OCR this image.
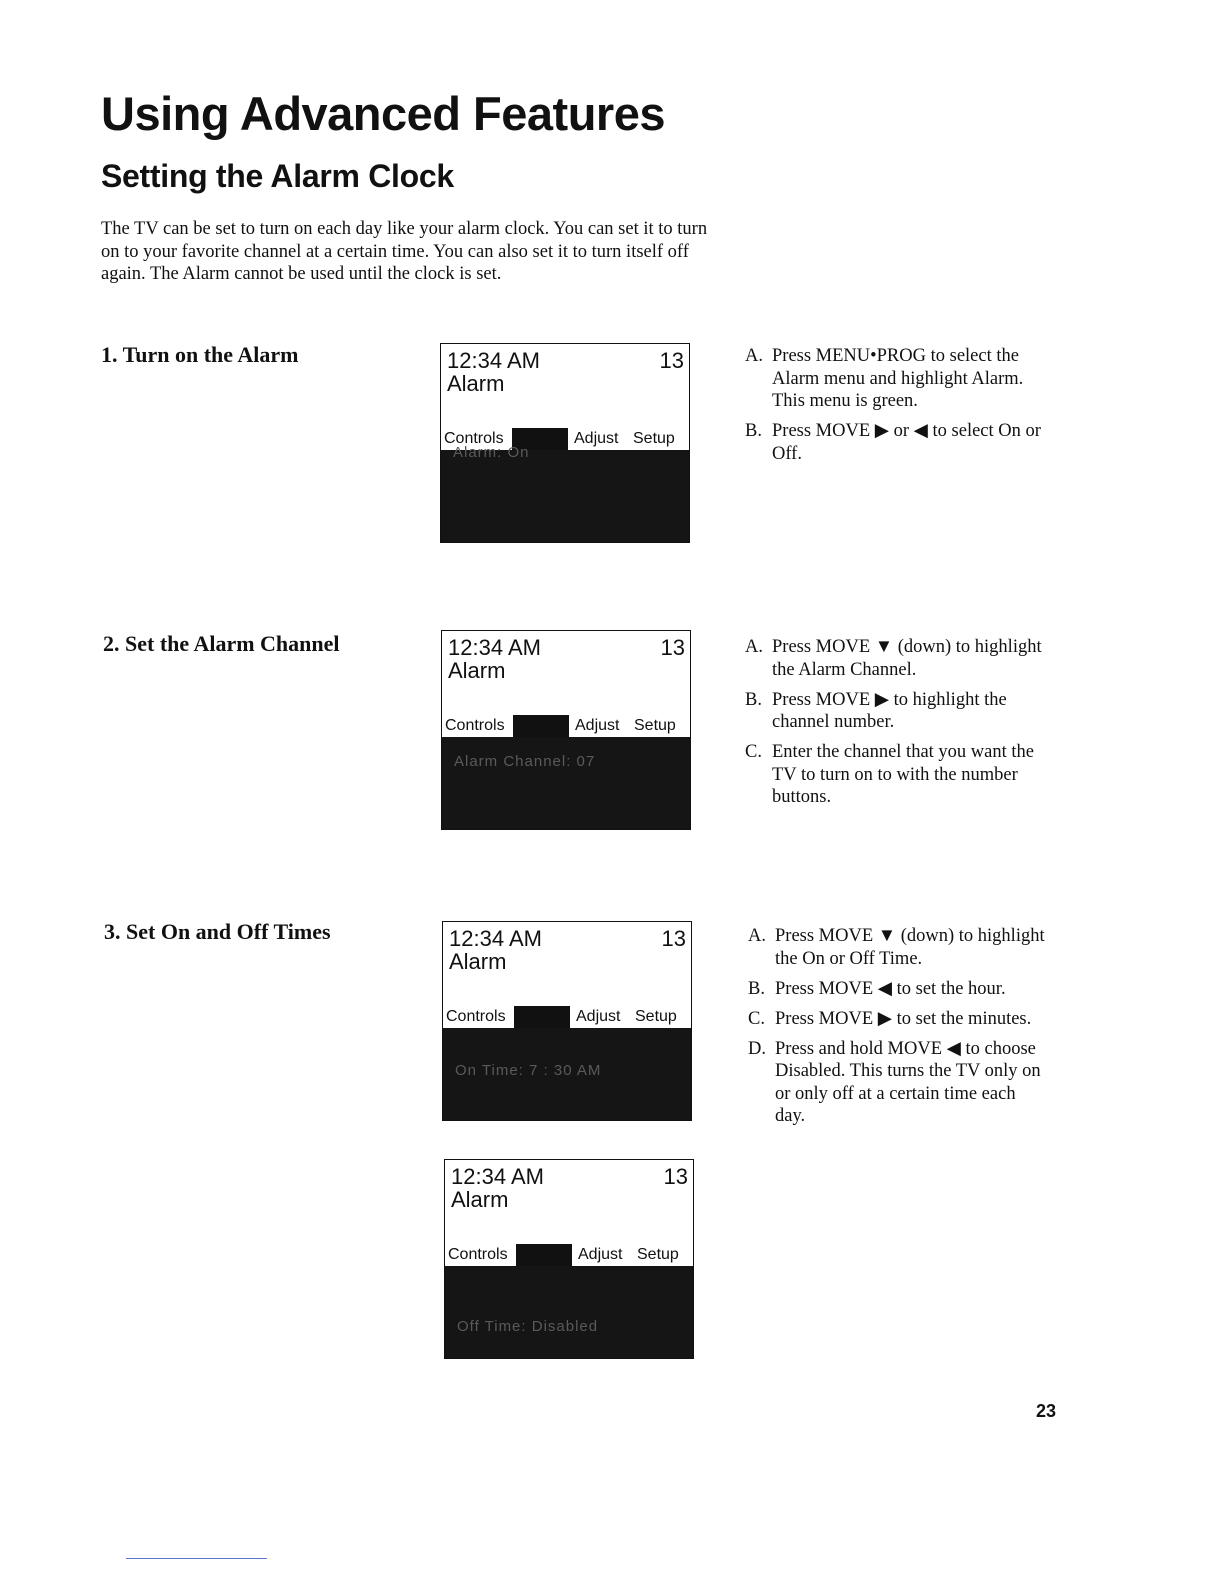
Using Advanced Features
Setting the Alarm Clock

The TV can be set to turn on each day like your alarm clock. You can set it to turn on to your favorite channel at a certain time. You can also set it to turn itself off again. The Alarm cannot be used until the clock is set.

1. Turn on the Alarm	12:34 AM	13
Alarm
Controls	Adjust Setup
Alarm: On
A. Press MENU•PROG to select the Alarm menu and highlight Alarm. This menu is green.
B. Press MOVE ▶ or ◀ to select On or Off.
2. Set the Alarm Channel	12:34 AM	13
Alarm
Controls	Adjust Setup
Alarm Channel: 07
A. Press MOVE ▼ (down) to highlight the Alarm Channel.
B. Press MOVE ▶ to highlight the channel number.
C. Enter the channel that you want the TV to turn on to with the number buttons.
3. Set On and Off Times	12:34 AM	13
Alarm
Controls	Adjust Setup
On Time: 7 : 30 AM
12:34 AM	13
Alarm
Controls	Adjust Setup
Off Time: Disabled
A. Press MOVE ▼ (down) to highlight the On or Off Time.
B. Press MOVE ◀ to set the hour.
C. Press MOVE ▶ to set the minutes.
D. Press and hold MOVE ◀ to choose Disabled. This turns the TV only on or only off at a certain time each day.
23
